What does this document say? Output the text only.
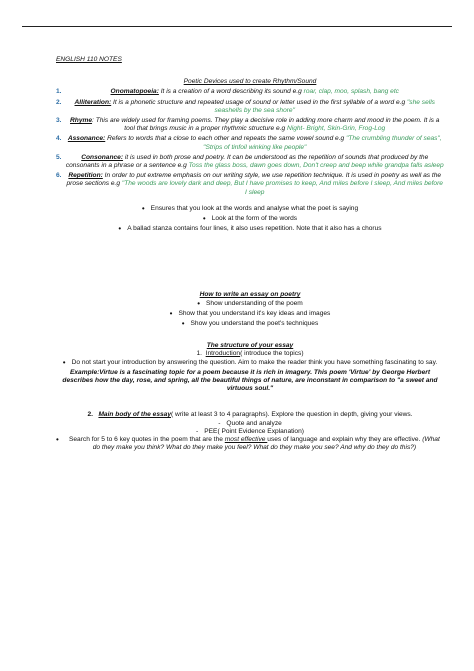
ENGLISH 110 NOTES
Poetic Devices used to create Rhythm/Sound
1.	Onomatopoeia: It is a creation of a word describing its sound e.g roar, clap, moo, splash, bang etc
2.	Alliteration: It is a phonetic structure and repeated usage of sound or letter used in the first syllable of a word e.g "she sells seashells by the sea shore"
3.	Rhyme: This are widely used for framing poems. They play a decisive role in adding more charm and mood in the poem. It is a tool that brings music in a proper rhythmic structure e.g Night- Bright, Skin-Grin, Frog-Log
4. Assonance: Refers to words that a close to each other and repeats the same vowel sound e.g "The crumbling thunder of seas", "Strips of tinfoil winking like people"
5.	Consonance: it is used in both prose and poetry. It can be understood as the repetition of sounds that produced by the consonants in a phrase or a sentence e.g Toss the glass boss, dawn goes down, Don't creep and beep while grandpa falls asleep
6.	Repetition: In order to put extreme emphasis on our writing style, we use repetition technique. It is used in poetry as well as the prose sections e.g "The woods are lovely dark and deep, But I have promises to keep, And miles before I sleep, And miles before I sleep
• Ensures that you look at the words and analyse what the poet is saying
• Look at the form of the words
• A ballad stanza contains four lines, it also uses repetition. Note that it also has a chorus
How to write an essay on poetry
• Show understanding of the poem
• Show that you understand it's key ideas and images
• Show you understand the poet's techniques
The structure of your essay
1. Introduction( introduce the topics)
• Do not start your introduction by answering the question. Aim to make the reader think you have something fascinating to say.
Example:Virtue is a fascinating topic for a poem because it is rich in imagery. This poem 'Virtue' by George Herbert describes how the day, rose, and spring, all the beautiful things of nature, are inconstant in comparison to "a sweet and virtuous soul."
2. Main body of the essay( write at least 3 to 4 paragraphs). Explore the question in depth, giving your views.
- Quote and analyze
- PEE( Point Evidence Explanation)
•	Search for 5 to 6 key quotes in the poem that are the most effective uses of language and explain why they are effective. (What do they make you think? What do they make you feel? What do they make you see? And why do they do this?)
